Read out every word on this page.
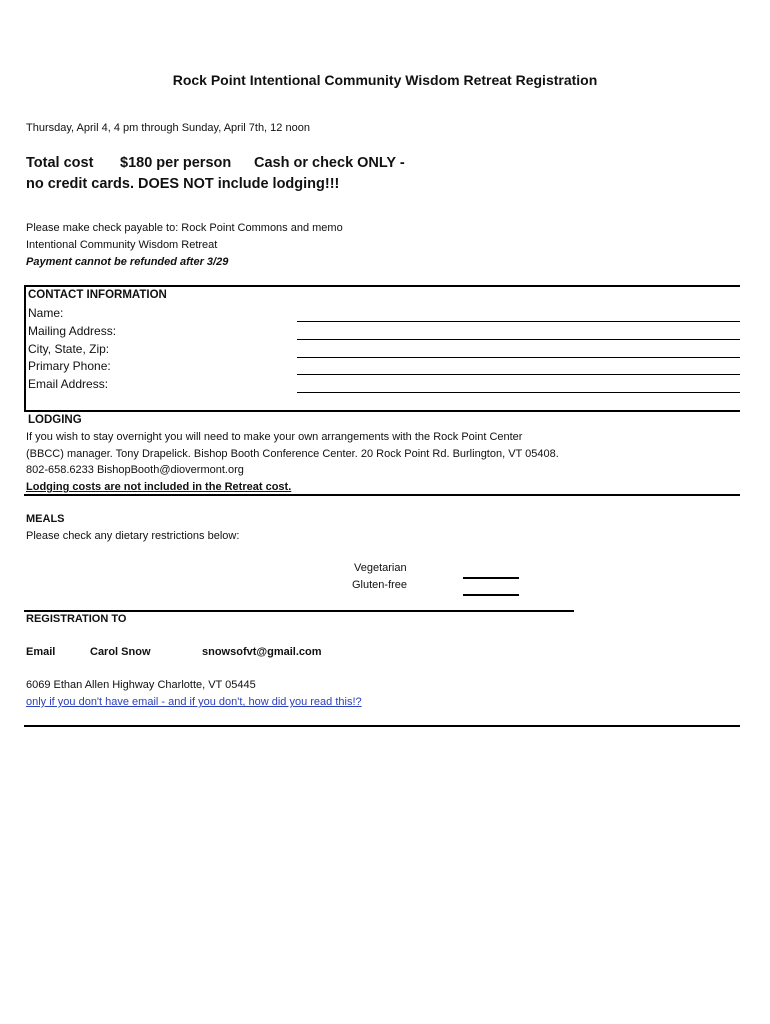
Rock Point Intentional Community Wisdom Retreat Registration
Thursday, April 4, 4 pm through Sunday, April 7th, 12 noon
Total cost $180 per person Cash or check ONLY -
no credit cards. DOES NOT include lodging!!!
Please make check payable to: Rock Point Commons and memo
Intentional Community Wisdom Retreat
Payment cannot be refunded after 3/29
CONTACT INFORMATION
Name:
Mailing Address:
City, State, Zip:
Primary Phone:
Email Address:
LODGING
If you wish to stay overnight you will need to make your own arrangements with the Rock Point Center
(BBCC) manager. Tony Drapelick. Bishop Booth Conference Center. 20 Rock Point Rd. Burlington, VT 05408.
802-658.6233 BishopBooth@diovermont.org
Lodging costs are not included in the Retreat cost.
MEALS
Please check any dietary restrictions below:
Vegetarian
Gluten-free
REGISTRATION TO
Email	Carol Snow	snowsofvt@gmail.com
6069 Ethan Allen Highway Charlotte, VT 05445
only if you don't have email - and if you don't, how did you read this!?
